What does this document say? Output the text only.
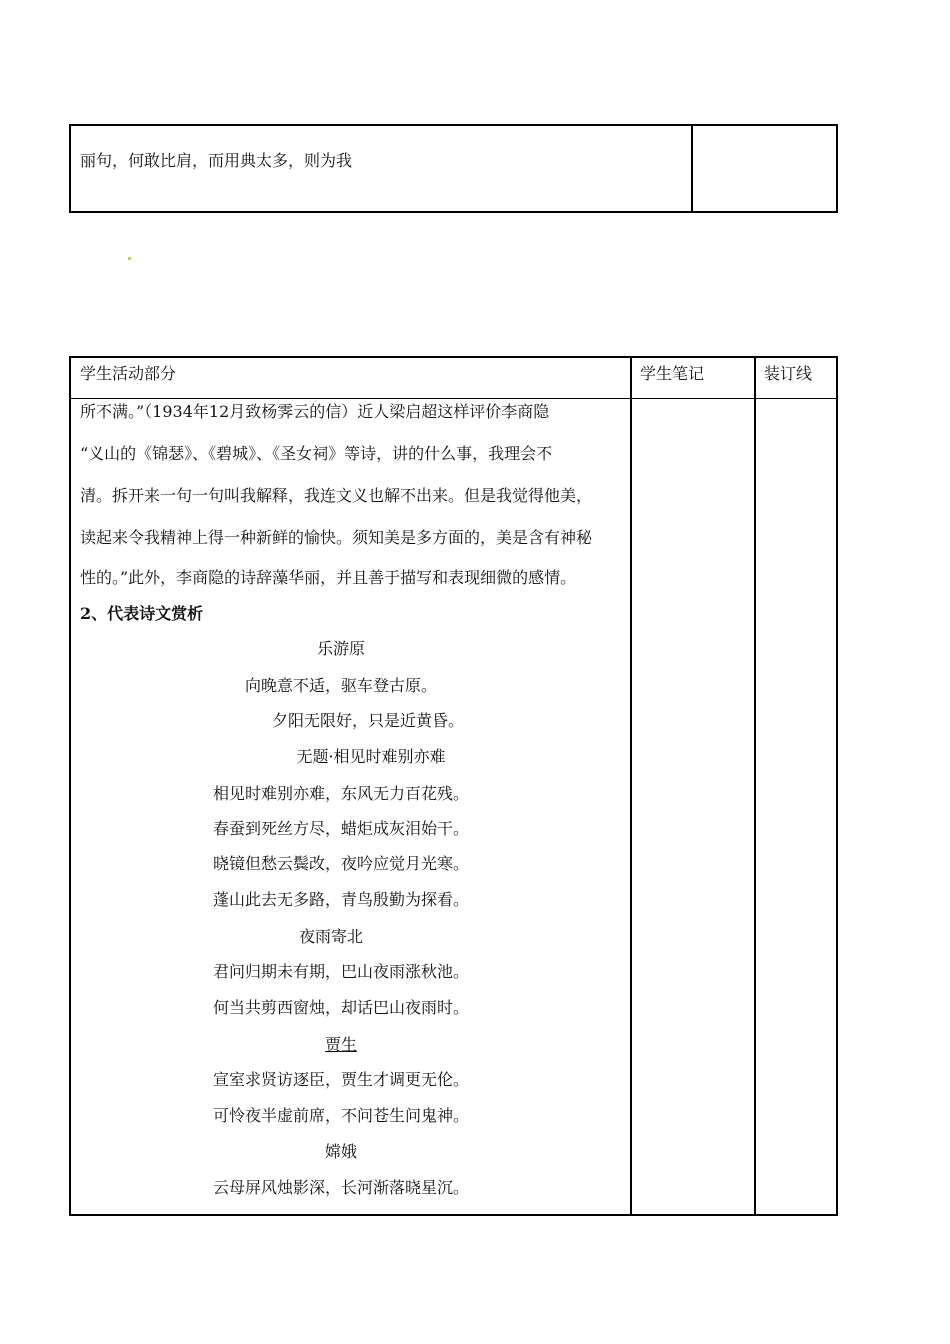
丽句，何敢比肩，而用典太多，则为我
学生活动部分	学生笔记	装订线
所不满。”（1934年12月致杨霁云的信）近人梁启超这样评价李商隐
“义山的《锦瑟》、《碧城》、《圣女祠》等诗，讲的什么事，我理会不
清。拆开来一句一句叫我解释，我连文义也解不出来。但是我觉得他美，
读起来令我精神上得一种新鲜的愉快。须知美是多方面的，美是含有神秘
性的。”此外，李商隐的诗辞藻华丽，并且善于描写和表现细微的感情。
2、代表诗文赏析
乐游原
向晚意不适，驱车登古原。
夕阳无限好，只是近黄昏。
无题·相见时难别亦难
相见时难别亦难，东风无力百花残。
春蚕到死丝方尽，蜡炬成灰泪始干。
晓镜但愁云鬓改，夜吟应觉月光寒。
蓬山此去无多路，青鸟殷勤为探看。
夜雨寄北
君问归期未有期，巴山夜雨涨秋池。
何当共剪西窗烛，却话巴山夜雨时。
贾生
宣室求贤访逐臣，贾生才调更无伦。
可怜夜半虚前席，不问苍生问鬼神。
嫦娥
云母屏风烛影深，长河渐落晓星沉。
